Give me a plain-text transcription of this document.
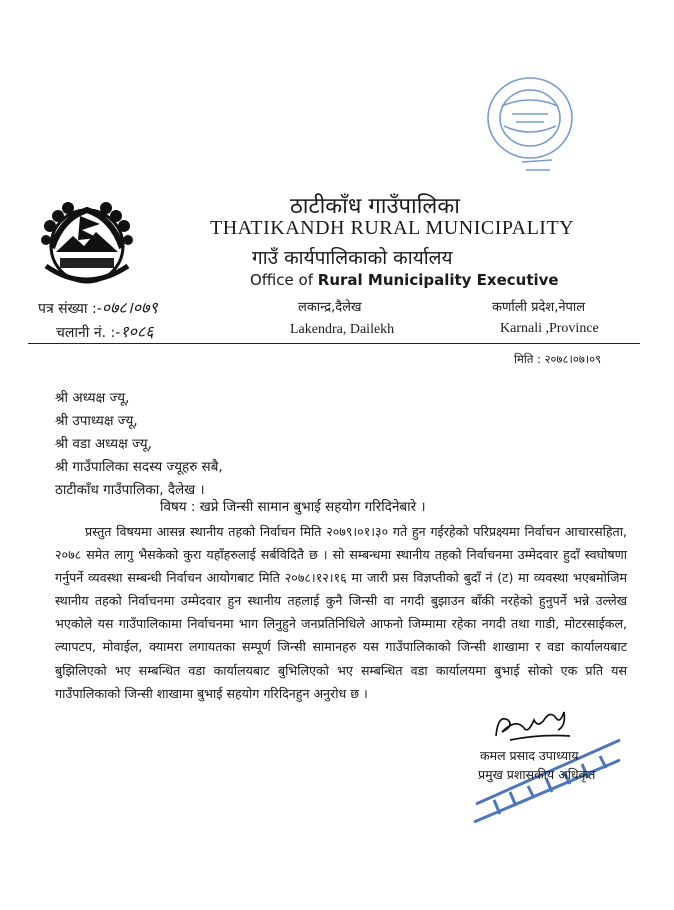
ठाटीकाँध गाउँपालिका
THATIKANDH RURAL MUNICIPALITY
गाउँ कार्यपालिकाको कार्यालय
Office of Rural Municipality Executive
पत्र संख्या :-०७८।०७९	लकान्द्र,दैलेख	कर्णाली प्रदेश,नेपाल
चलानी नं. :-१०८६	Lakendra, Dailekh	Karnali ,Province
मिति : २०७८।०७।०९
श्री अध्यक्ष ज्यू,
श्री उपाध्यक्ष ज्यू,
श्री वडा अध्यक्ष ज्यू,
श्री गाउँपालिका सदस्य ज्यूहरु सबै,
ठाटीकाँध गाउँपालिका, दैलेख ।
विषय : खप्ने जिन्सी सामान बुभाई सहयोग गरिदिनेबारे ।
प्रस्तुत विषयमा आसन्न स्थानीय तहको निर्वाचन मिति २०७९।०१।३० गते हुन गईरहेको परिप्रक्ष्यमा निर्वाचन आचारसहिता, २०७८ समेत लागु भैसकेको कुरा यहाँहरुलाई सर्बविदितै छ । सो सम्बन्धमा स्थानीय तहको निर्वाचनमा उम्मेदवार हुदाँ स्वघोषणा गर्नुपर्ने व्यवस्था सम्बन्धी निर्वाचन आयोगबाट मिति २०७८।१२।१६ मा जारी प्रस विज्ञप्तीको बुदाँ नं (ट) मा व्यवस्था भएबमोजिम स्थानीय तहको निर्वाचनमा उम्मेदवार हुन स्थानीय तहलाई कुनै जिन्सी वा नगदी बुझाउन बाँकी नरहेको हुनुपर्ने भन्ने उल्लेख भएकोले यस गाउँपालिकामा निर्वाचनमा भाग लिनुहुने जनप्रतिनिधिले आफनो जिम्मामा रहेका नगदी तथा गाडी, मोटरसाईकल, ल्यापटप, मोवाईल, क्यामरा लगायतका सम्पूर्ण जिन्सी सामानहरु यस गाउँपालिकाको जिन्सी शाखामा र वडा कार्यालयबाट बुझिलिएको भए सम्बन्धित वडा कार्यालयबाट बुभिलिएको भए सम्बन्धित वडा कार्यालयमा बुभाई सोको एक प्रति यस गाउँपालिकाको जिन्सी शाखामा बुभाई सहयोग गरिदिनहुन अनुरोध छ ।
कमल प्रसाद उपाध्याय
प्रमुख प्रशासकीय अधिकृत
